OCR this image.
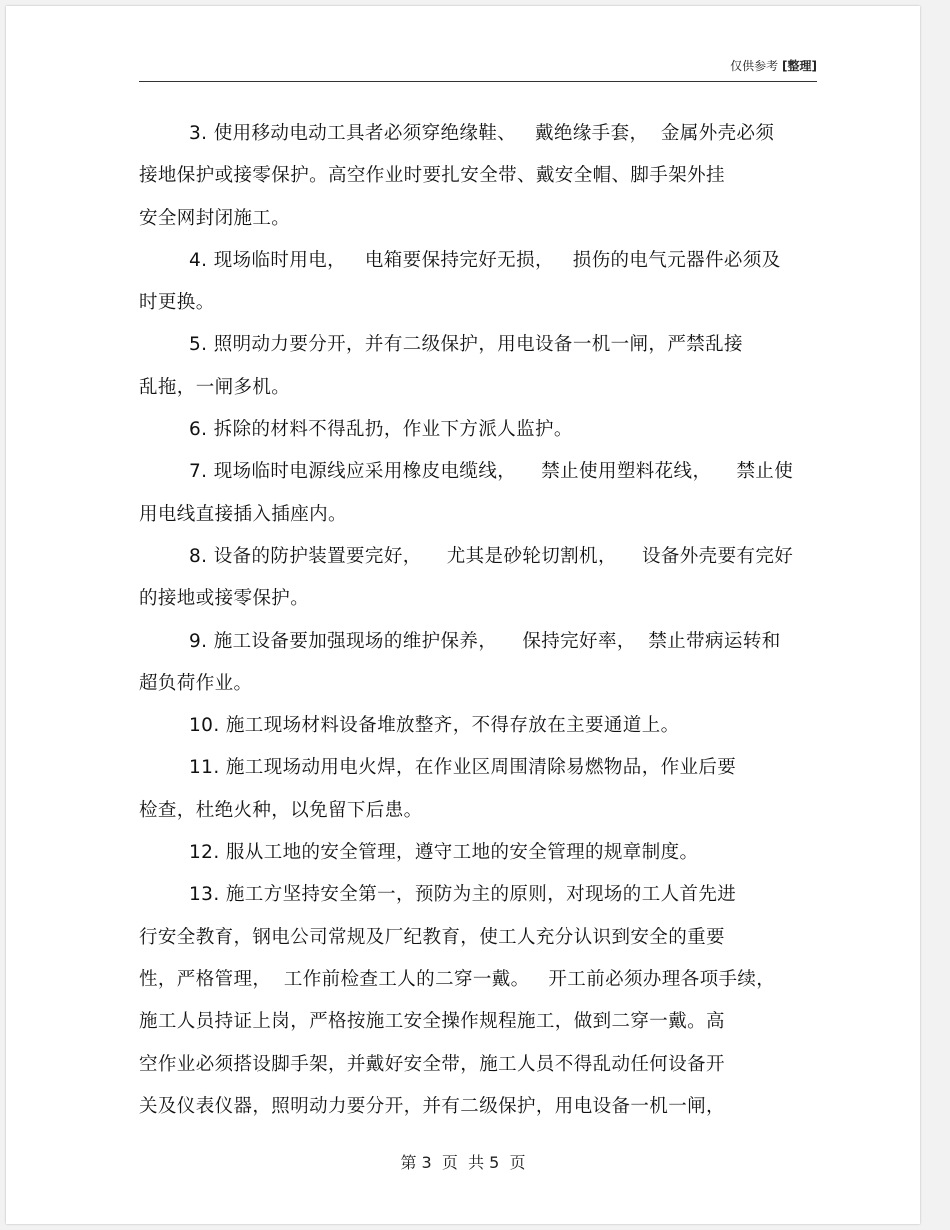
仅供参考 [整理]
3. 使用移动电动工具者必须穿绝缘鞋、   戴绝缘手套，  金属外壳必须
接地保护或接零保护。高空作业时要扎安全带、戴安全帽、脚手架外挂
安全网封闭施工。
4. 现场临时用电，   电箱要保持完好无损，   损伤的电气元器件必须及
时更换。
5. 照明动力要分开，并有二级保护，用电设备一机一闸，严禁乱接
乱拖，一闸多机。
6. 拆除的材料不得乱扔，作业下方派人监护。
7. 现场临时电源线应采用橡皮电缆线，    禁止使用塑料花线，    禁止使
用电线直接插入插座内。
8. 设备的防护装置要完好，    尤其是砂轮切割机，    设备外壳要有完好
的接地或接零保护。
9. 施工设备要加强现场的维护保养，    保持完好率，  禁止带病运转和
超负荷作业。
10. 施工现场材料设备堆放整齐，不得存放在主要通道上。
11. 施工现场动用电火焊，在作业区周围清除易燃物品，作业后要
检查，杜绝火种，以免留下后患。
12. 服从工地的安全管理，遵守工地的安全管理的规章制度。
13. 施工方坚持安全第一，预防为主的原则，对现场的工人首先进
行安全教育，钢电公司常规及厂纪教育，使工人充分认识到安全的重要
性，严格管理，  工作前检查工人的二穿一戴。   开工前必须办理各项手续，
施工人员持证上岗，严格按施工安全操作规程施工，做到二穿一戴。高
空作业必须搭设脚手架，并戴好安全带，施工人员不得乱动任何设备开
关及仪表仪器，照明动力要分开，并有二级保护，用电设备一机一闸，
第 3  页  共 5  页
